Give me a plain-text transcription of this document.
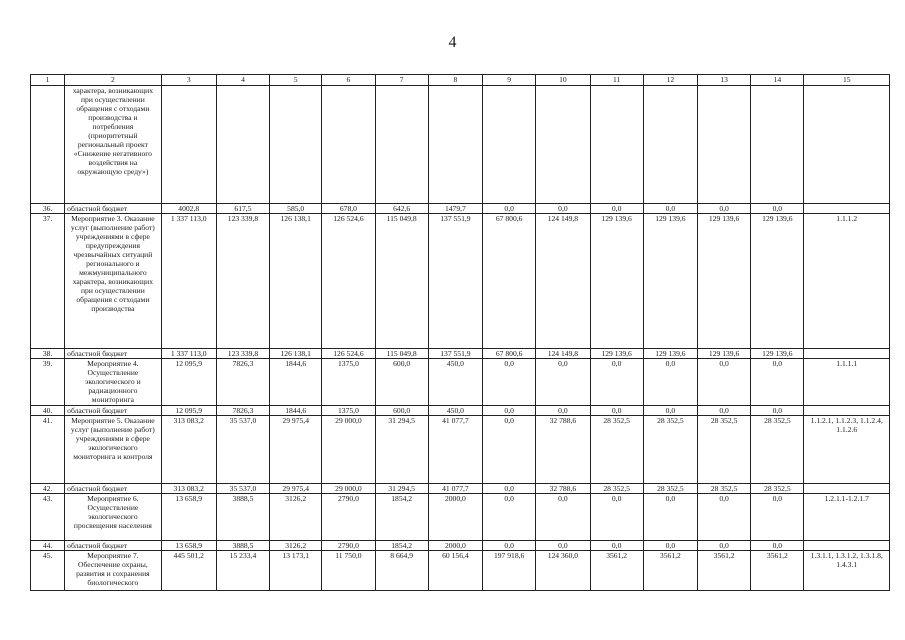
4
1	2	3	4	5	6	7	8	9	10	11	12	13	14	15
	характера, возникающих при осуществлении обращения с отходами производства и потребления (приоритетный региональный проект «Снижение негативного воздействия на окружающую среду»)													
36.	областной бюджет	4002,8	617,5	585,0	678,0	642,6	1479,7	0,0	0,0	0,0	0,0	0,0	0,0	
37.	Мероприятие 3. Оказание услуг (выполнение работ) учреждениями в сфере предупреждения чрезвычайных ситуаций регионального и межмуниципального характера, возникающих при осуществлении обращения с отходами производства	1 337 113,0	123 339,8	126 138,1	126 524,6	115 049,8	137 551,9	67 800,6	124 149,8	129 139,6	129 139,6	129 139,6	129 139,6	1.1.1.2
38.	областной бюджет	1 337 113,0	123 339,8	126 138,1	126 524,6	115 049,8	137 551,9	67 800,6	124 149,8	129 139,6	129 139,6	129 139,6	129 139,6	
39.	Мероприятие 4. Осуществление экологического и радиационного мониторинга	12 095,9	7826,3	1844,6	1375,0	600,0	450,0	0,0	0,0	0,0	0,0	0,0	0,0	1.1.1.1
40.	областной бюджет	12 095,9	7826,3	1844,6	1375,0	600,0	450,0	0,0	0,0	0,0	0,0	0,0	0,0	
41.	Мероприятие 5. Оказание услуг (выполнение работ) учреждениями в сфере экологического мониторинга и контроля	313 083,2	35 537,0	29 975,4	29 000,0	31 294,5	41 077,7	0,0	32 788,6	28 352,5	28 352,5	28 352,5	28 352,5	1.1.2.1, 1.1.2.3, 1.1.2.4, 1.1.2.6
42.	областной бюджет	313 083,2	35 537,0	29 975,4	29 000,0	31 294,5	41 077,7	0,0	32 788,6	28 352,5	28 352,5	28 352,5	28 352,5	
43.	Мероприятие 6. Осуществление экологического просвещения населения	13 658,9	3888,5	3126,2	2790,0	1854,2	2000,0	0,0	0,0	0,0	0,0	0,0	0,0	1.2.1.1-1.2.1.7
44.	областной бюджет	13 658,9	3888,5	3126,2	2790,0	1854,2	2000,0	0,0	0,0	0,0	0,0	0,0	0,0	
45.	Мероприятие 7. Обеспечение охраны, развития и сохранения биологического	445 501,2	15 233,4	13 173,1	11 750,0	8 664,9	60 156,4	197 918,6	124 360,0	3561,2	3561,2	3561,2	3561,2	1.3.1.1, 1.3.1.2, 1.3.1.8, 1.4.3.1
